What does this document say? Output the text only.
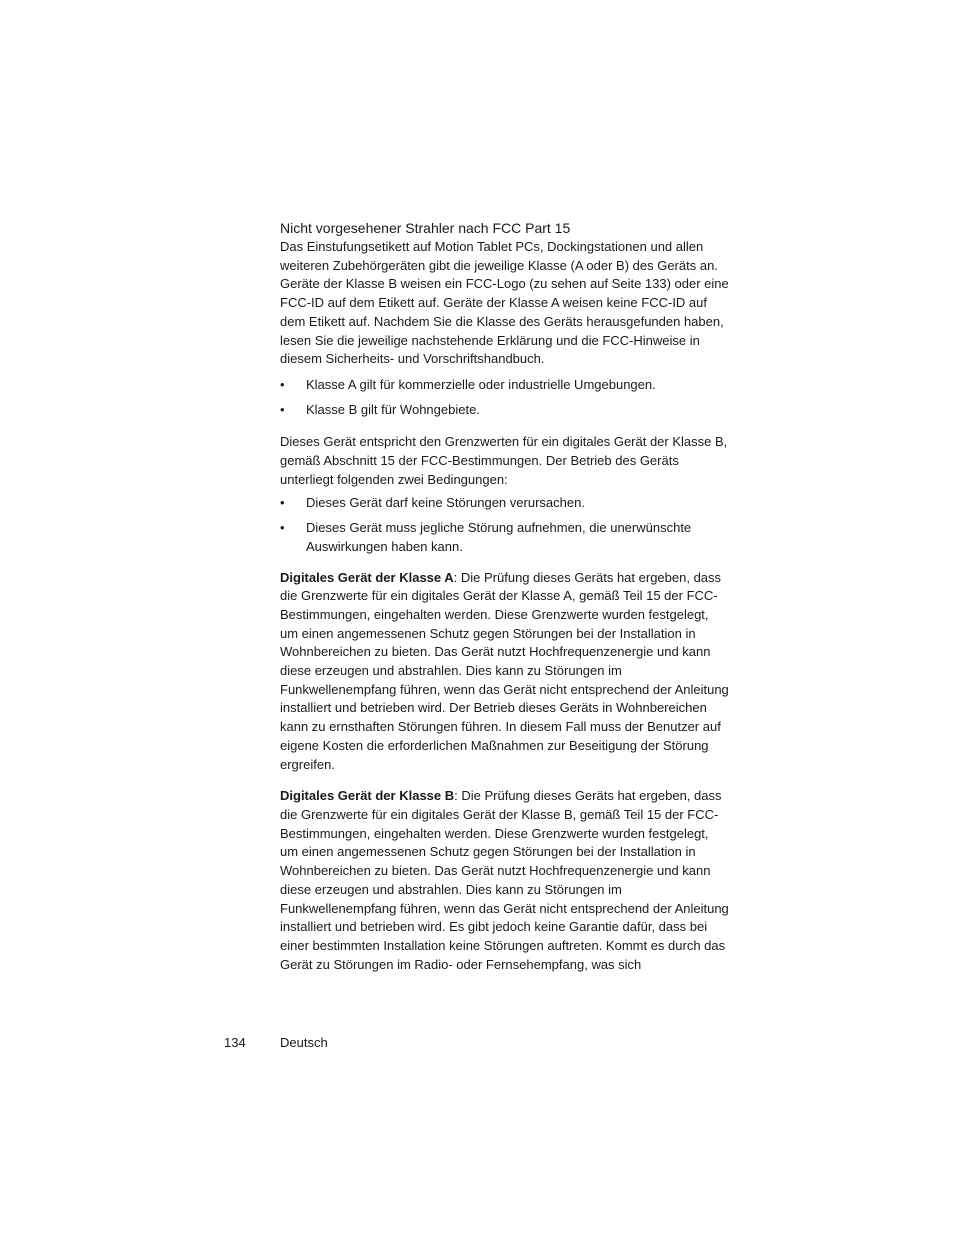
Nicht vorgesehener Strahler nach FCC Part 15

Das Einstufungsetikett auf Motion Tablet PCs, Dockingstationen und allen weiteren Zubehörgeräten gibt die jeweilige Klasse (A oder B) des Geräts an. Geräte der Klasse B weisen ein FCC-Logo (zu sehen auf Seite 133) oder eine FCC-ID auf dem Etikett auf. Geräte der Klasse A weisen keine FCC-ID auf dem Etikett auf. Nachdem Sie die Klasse des Geräts herausgefunden haben, lesen Sie die jeweilige nachstehende Erklärung und die FCC-Hinweise in diesem Sicherheits- und Vorschriftshandbuch.

• Klasse A gilt für kommerzielle oder industrielle Umgebungen.
• Klasse B gilt für Wohngebiete.

Dieses Gerät entspricht den Grenzwerten für ein digitales Gerät der Klasse B, gemäß Abschnitt 15 der FCC-Bestimmungen. Der Betrieb des Geräts unterliegt folgenden zwei Bedingungen:

• Dieses Gerät darf keine Störungen verursachen.
• Dieses Gerät muss jegliche Störung aufnehmen, die unerwünschte Auswirkungen haben kann.

Digitales Gerät der Klasse A: Die Prüfung dieses Geräts hat ergeben, dass die Grenzwerte für ein digitales Gerät der Klasse A, gemäß Teil 15 der FCC-Bestimmungen, eingehalten werden. Diese Grenzwerte wurden festgelegt, um einen angemessenen Schutz gegen Störungen bei der Installation in Wohnbereichen zu bieten. Das Gerät nutzt Hochfrequenzenergie und kann diese erzeugen und abstrahlen. Dies kann zu Störungen im Funkwellenempfang führen, wenn das Gerät nicht entsprechend der Anleitung installiert und betrieben wird. Der Betrieb dieses Geräts in Wohnbereichen kann zu ernsthaften Störungen führen. In diesem Fall muss der Benutzer auf eigene Kosten die erforderlichen Maßnahmen zur Beseitigung der Störung ergreifen.

Digitales Gerät der Klasse B: Die Prüfung dieses Geräts hat ergeben, dass die Grenzwerte für ein digitales Gerät der Klasse B, gemäß Teil 15 der FCC-Bestimmungen, eingehalten werden. Diese Grenzwerte wurden festgelegt, um einen angemessenen Schutz gegen Störungen bei der Installation in Wohnbereichen zu bieten. Das Gerät nutzt Hochfrequenzenergie und kann diese erzeugen und abstrahlen. Dies kann zu Störungen im Funkwellenempfang führen, wenn das Gerät nicht entsprechend der Anleitung installiert und betrieben wird. Es gibt jedoch keine Garantie dafür, dass bei einer bestimmten Installation keine Störungen auftreten. Kommt es durch das Gerät zu Störungen im Radio- oder Fernsehempfang, was sich

134	Deutsch
